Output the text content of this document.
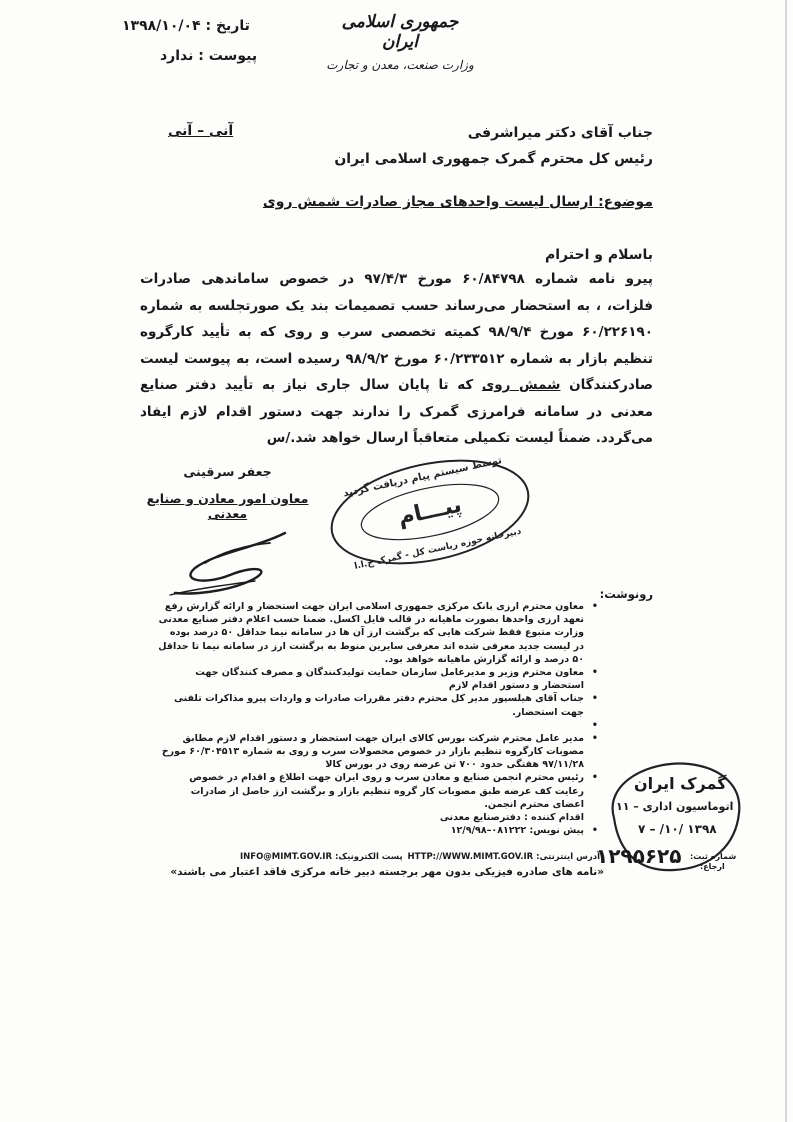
تاریخ : ۱۳۹۸/۱۰/۰۴
پیوست : ندارد
جمهوری اسلامی ایران
وزارت صنعت، معدن و تجارت
آنی – آنی	جناب آقای دکتر میراشرفی
رئیس کل محترم گمرک جمهوری اسلامی ایران
موضوع: ارسال لیست واحدهای مجاز صادرات شمش روی
باسلام و احترام
پیرو نامه شماره ۶۰/۸۴۷۹۸ مورخ ۹۷/۴/۳ در خصوص ساماندهی صادرات فلزات، ، به استحضار می‌رساند حسب تصمیمات بند یک صورتجلسه به شماره ۶۰/۲۲۶۱۹۰ مورخ ۹۸/۹/۴ کمیته تخصصی سرب و روی که به تأیید کارگروه تنظیم بازار به شماره ۶۰/۲۳۳۵۱۲ مورخ ۹۸/۹/۲ رسیده است، به پیوست لیست صادرکنندگان شمش روی که تا پایان سال جاری نیاز به تأیید دفتر صنایع معدنی در سامانه فرامرزی گمرک را ندارند جهت دستور اقدام لازم ایفاد می‌گردد. ضمناً لیست تکمیلی متعاقباً ارسال خواهد شد./س
جعفر سرقینی
معاون امور معادن و صنایع معدنی	پیـــام
توسط سیستم پیام دریافت گردید
دبیرخانه حوزه ریاست کل - گمرک ج.ا.ا
رونوشت:
• معاون محترم ارزی بانک مرکزی جمهوری اسلامی ایران جهت استحضار و ارائه گزارش رفع تعهد ارزی واحدها بصورت ماهیانه در قالب فایل اکسل. ضمنا حسب اعلام دفتر صنایع معدنی وزارت متبوع فقط شرکت هایی که برگشت ارز آن ها در سامانه نیما حداقل ۵۰ درصد بوده در لیست جدید معرفی شده اند معرفی سایرین منوط به برگشت ارز در سامانه نیما تا حداقل ۵۰ درصد و ارائه گزارش ماهیانه خواهد بود.
• معاون محترم وزیر و مدیرعامل سازمان حمایت تولیدکنندگان و مصرف کنندگان جهت استحضار و دستور اقدام لازم
• جناب آقای هیلسپور مدیر کل محترم دفتر مقررات صادرات و واردات پیرو مذاکرات تلفنی جهت استحضار.
•
• مدیر عامل محترم شرکت بورس کالای ایران جهت استحضار و دستور اقدام لازم مطابق مصوبات کارگروه تنظیم بازار در خصوص محصولات سرب و روی به شماره ۶۰/۳۰۴۵۱۳ مورخ ۹۷/۱۱/۲۸ هفتگی حدود ۷۰۰ تن عرضه روی در بورس کالا
• رئیس محترم انجمن صنایع و معادن سرب و روی ایران جهت اطلاع و اقدام در خصوص رعایت کف عرضه طبق مصوبات کار گروه تنظیم بازار و برگشت ارز حاصل از صادرات اعضای محترم انجمن.
اقدام کننده : دفترصنایع معدنی
• پیش نویس: ۰۸۱۲۲۲–۱۲/۹/۹۸
آدرس اینترنتی: HTTP://WWW.MIMT.GOV.IR
پست الکترونیک: INFO@MIMT.GOV.IR
«نامه های صادره فیزیکی بدون مهر برجسته دبیر خانه مرکزی فاقد اعتبار می باشند»
گمرک ایران
اتوماسیون اداری – ۱۱
۱۳۹۸ /۱۰/ – ۷
۱۲۹۵۶۲۵ شماره ثبت:
ارجاع:
